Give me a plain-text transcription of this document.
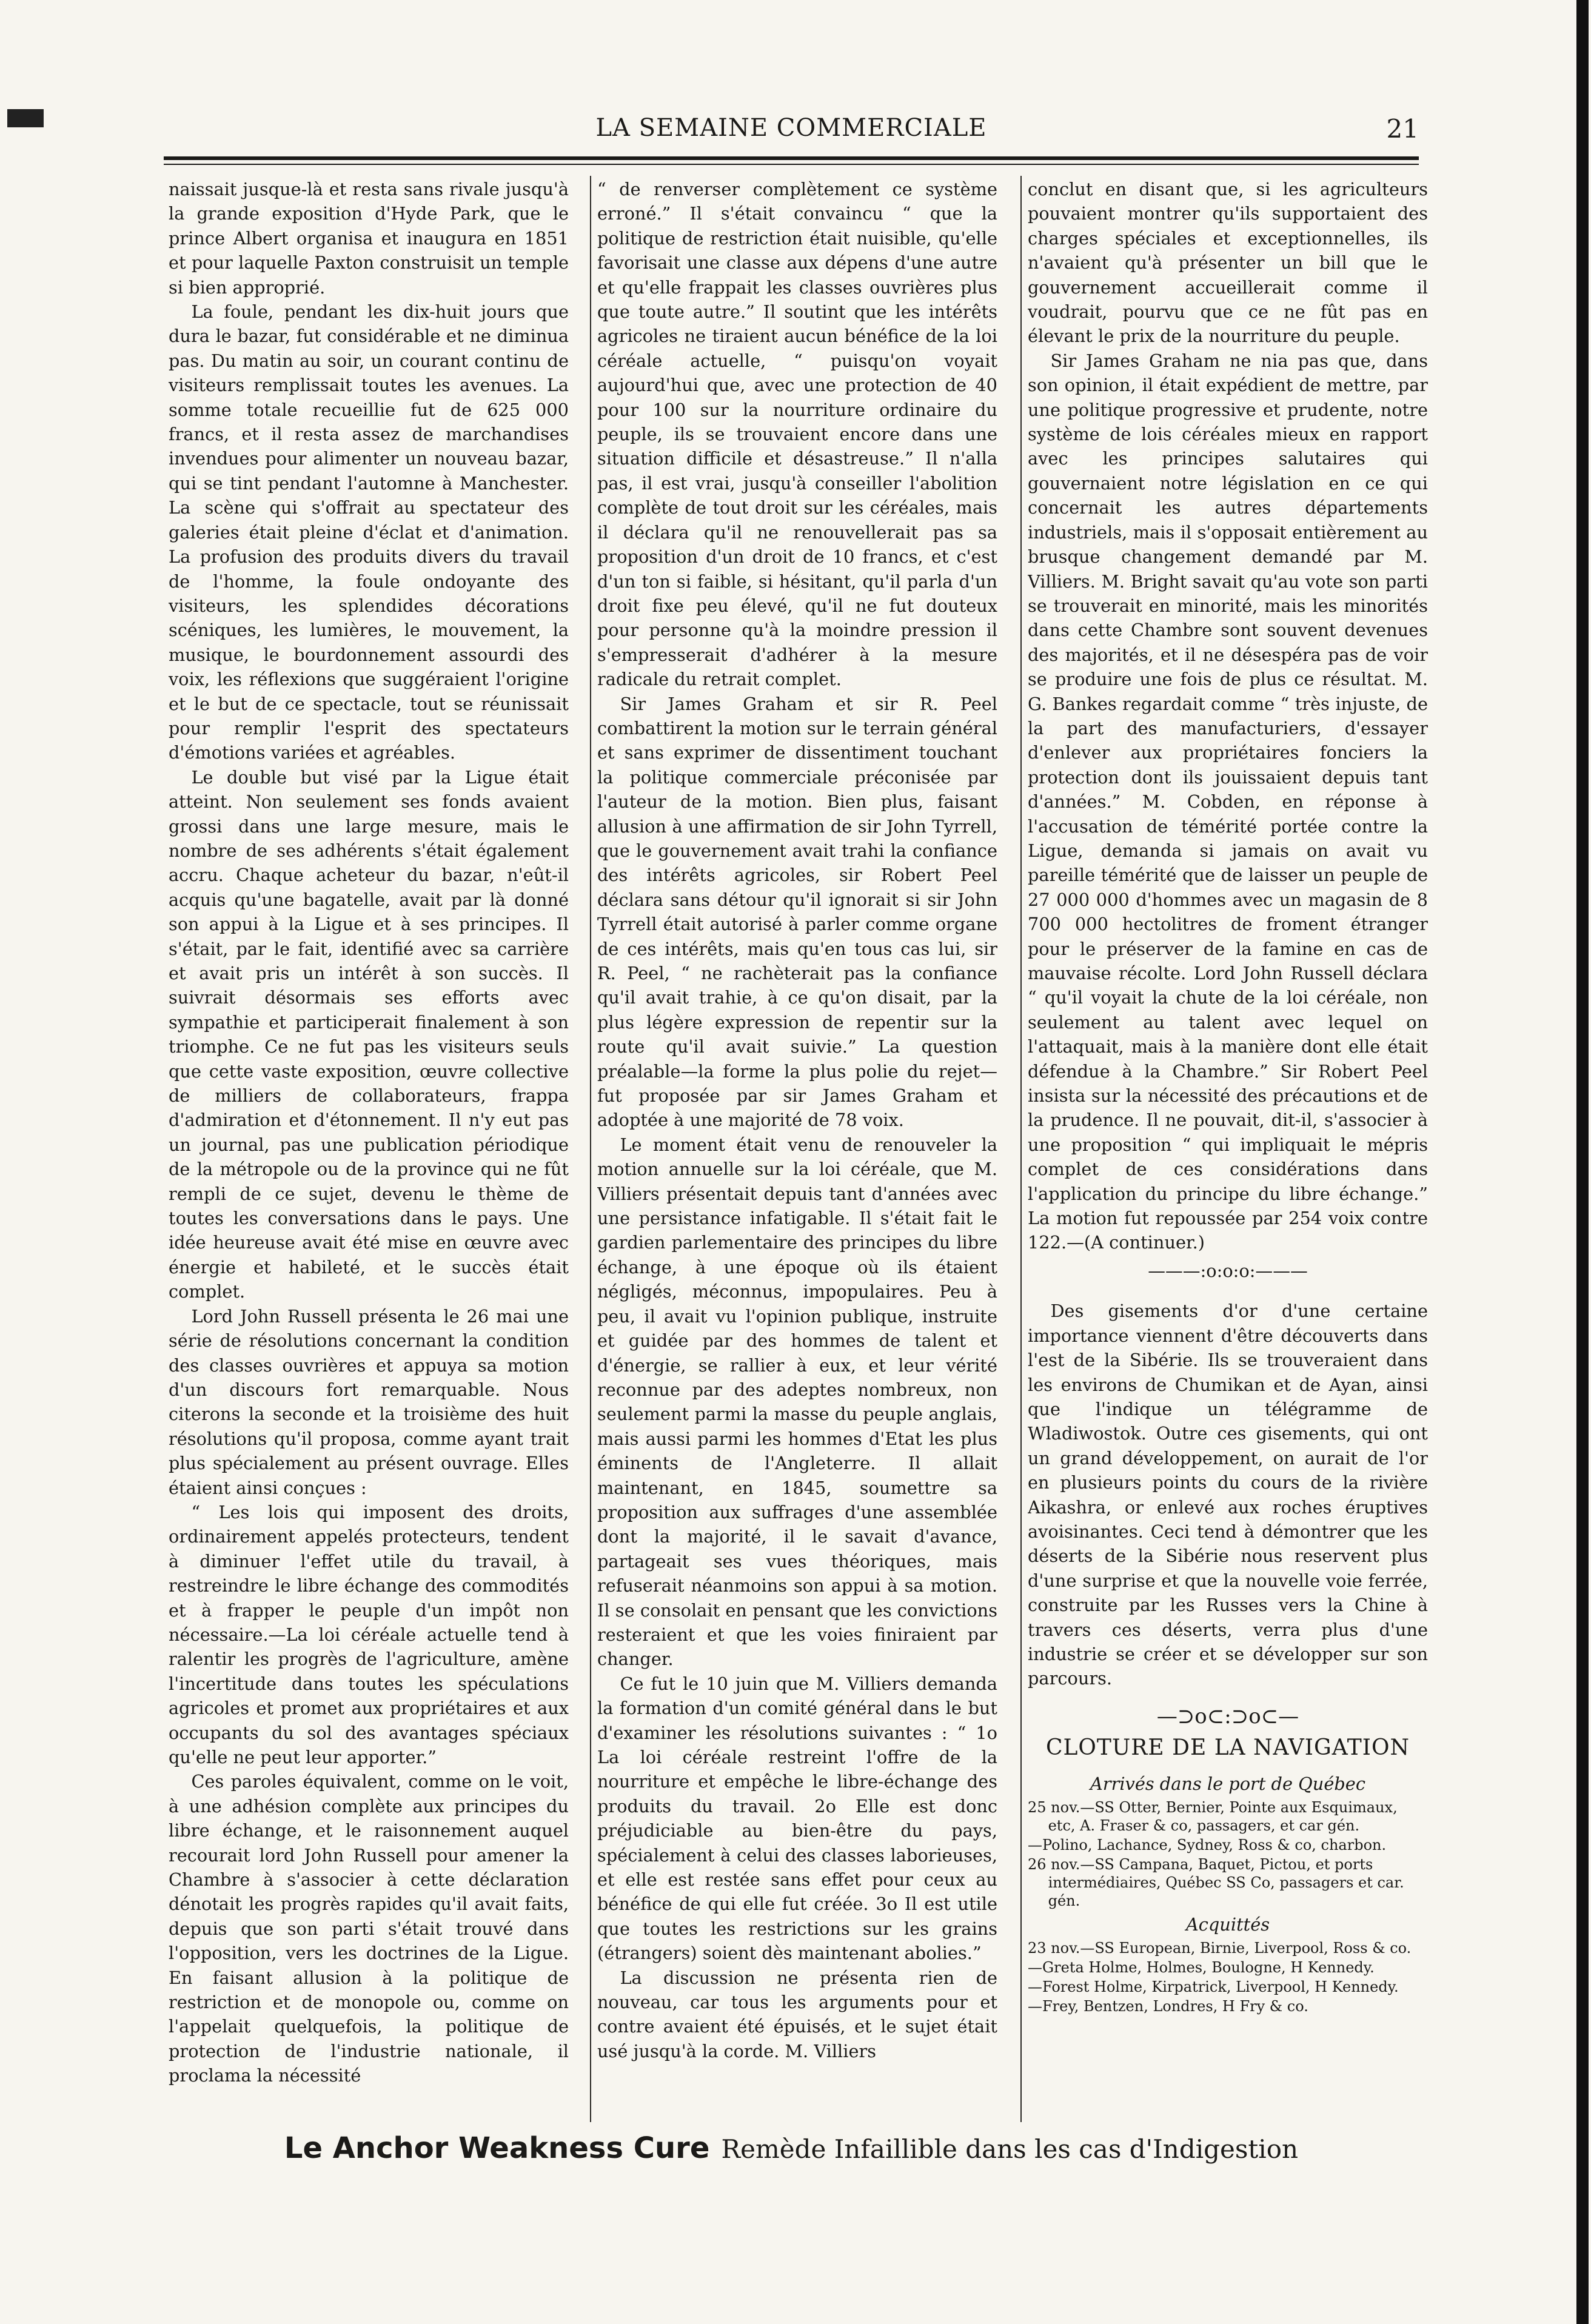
LA SEMAINE COMMERCIALE	21

naissait jusque-là et resta sans rivale jusqu'à la grande exposition d'Hyde Park, que le prince Albert organisa et inaugura en 1851 et pour laquelle Paxton construisit un temple si bien approprié.

La foule, pendant les dix-huit jours que dura le bazar, fut considérable et ne diminua pas. Du matin au soir, un courant continu de visiteurs remplissait toutes les avenues. La somme totale recueillie fut de 625 000 francs, et il resta assez de marchandises invendues pour alimenter un nouveau bazar, qui se tint pendant l'automne à Manchester. La scène qui s'offrait au spectateur des galeries était pleine d'éclat et d'animation. La profusion des produits divers du travail de l'homme, la foule ondoyante des visiteurs, les splendides décorations scéniques, les lumières, le mouvement, la musique, le bourdonnement assourdi des voix, les réflexions que suggéraient l'origine et le but de ce spectacle, tout se réunissait pour remplir l'esprit des spectateurs d'émotions variées et agréables.

Le double but visé par la Ligue était atteint. Non seulement ses fonds avaient grossi dans une large mesure, mais le nombre de ses adhérents s'était également accru. Chaque acheteur du bazar, n'eût-il acquis qu'une bagatelle, avait par là donné son appui à la Ligue et à ses principes. Il s'était, par le fait, identifié avec sa carrière et avait pris un intérêt à son succès. Il suivrait désormais ses efforts avec sympathie et participerait finalement à son triomphe. Ce ne fut pas les visiteurs seuls que cette vaste exposition, œuvre collective de milliers de collaborateurs, frappa d'admiration et d'étonnement. Il n'y eut pas un journal, pas une publication périodique de la métropole ou de la province qui ne fût rempli de ce sujet, devenu le thème de toutes les conversations dans le pays. Une idée heureuse avait été mise en œuvre avec énergie et habileté, et le succès était complet.

Lord John Russell présenta le 26 mai une série de résolutions concernant la condition des classes ouvrières et appuya sa motion d'un discours fort remarquable. Nous citerons la seconde et la troisième des huit résolutions qu'il proposa, comme ayant trait plus spécialement au présent ouvrage. Elles étaient ainsi conçues :

“ Les lois qui imposent des droits, ordinairement appelés protecteurs, tendent à diminuer l'effet utile du travail, à restreindre le libre échange des commodités et à frapper le peuple d'un impôt non nécessaire.—La loi céréale actuelle tend à ralentir les progrès de l'agriculture, amène l'incertitude dans toutes les spéculations agricoles et promet aux propriétaires et aux occupants du sol des avantages spéciaux qu'elle ne peut leur apporter.”

Ces paroles équivalent, comme on le voit, à une adhésion complète aux principes du libre échange, et le raisonnement auquel recourait lord John Russell pour amener la Chambre à s'associer à cette déclaration dénotait les progrès rapides qu'il avait faits, depuis que son parti s'était trouvé dans l'opposition, vers les doctrines de la Ligue. En faisant allusion à la politique de restriction et de monopole ou, comme on l'appelait quelquefois, la politique de protection de l'industrie nationale, il proclama la nécessité

“ de renverser complètement ce système erroné.” Il s'était convaincu “ que la politique de restriction était nuisible, qu'elle favorisait une classe aux dépens d'une autre et qu'elle frappait les classes ouvrières plus que toute autre.” Il soutint que les intérêts agricoles ne tiraient aucun bénéfice de la loi céréale actuelle, “ puisqu'on voyait aujourd'hui que, avec une protection de 40 pour 100 sur la nourriture ordinaire du peuple, ils se trouvaient encore dans une situation difficile et désastreuse.” Il n'alla pas, il est vrai, jusqu'à conseiller l'abolition complète de tout droit sur les céréales, mais il déclara qu'il ne renouvellerait pas sa proposition d'un droit de 10 francs, et c'est d'un ton si faible, si hésitant, qu'il parla d'un droit fixe peu élevé, qu'il ne fut douteux pour personne qu'à la moindre pression il s'empresserait d'adhérer à la mesure radicale du retrait complet.

Sir James Graham et sir R. Peel combattirent la motion sur le terrain général et sans exprimer de dissentiment touchant la politique commerciale préconisée par l'auteur de la motion. Bien plus, faisant allusion à une affirmation de sir John Tyrrell, que le gouvernement avait trahi la confiance des intérêts agricoles, sir Robert Peel déclara sans détour qu'il ignorait si sir John Tyrrell était autorisé à parler comme organe de ces intérêts, mais qu'en tous cas lui, sir R. Peel, “ ne rachèterait pas la confiance qu'il avait trahie, à ce qu'on disait, par la plus légère expression de repentir sur la route qu'il avait suivie.” La question préalable—la forme la plus polie du rejet—fut proposée par sir James Graham et adoptée à une majorité de 78 voix.

Le moment était venu de renouveler la motion annuelle sur la loi céréale, que M. Villiers présentait depuis tant d'années avec une persistance infatigable. Il s'était fait le gardien parlementaire des principes du libre échange, à une époque où ils étaient négligés, méconnus, impopulaires. Peu à peu, il avait vu l'opinion publique, instruite et guidée par des hommes de talent et d'énergie, se rallier à eux, et leur vérité reconnue par des adeptes nombreux, non seulement parmi la masse du peuple anglais, mais aussi parmi les hommes d'Etat les plus éminents de l'Angleterre. Il allait maintenant, en 1845, soumettre sa proposition aux suffrages d'une assemblée dont la majorité, il le savait d'avance, partageait ses vues théoriques, mais refuserait néanmoins son appui à sa motion. Il se consolait en pensant que les convictions resteraient et que les voies finiraient par changer.

Ce fut le 10 juin que M. Villiers demanda la formation d'un comité général dans le but d'examiner les résolutions suivantes : “ 1o La loi céréale restreint l'offre de la nourriture et empêche le libre-échange des produits du travail. 2o Elle est donc préjudiciable au bien-être du pays, spécialement à celui des classes laborieuses, et elle est restée sans effet pour ceux au bénéfice de qui elle fut créée. 3o Il est utile que toutes les restrictions sur les grains (étrangers) soient dès maintenant abolies.”

La discussion ne présenta rien de nouveau, car tous les arguments pour et contre avaient été épuisés, et le sujet était usé jusqu'à la corde. M. Villiers

conclut en disant que, si les agriculteurs pouvaient montrer qu'ils supportaient des charges spéciales et exceptionnelles, ils n'avaient qu'à présenter un bill que le gouvernement accueillerait comme il voudrait, pourvu que ce ne fût pas en élevant le prix de la nourriture du peuple.

Sir James Graham ne nia pas que, dans son opinion, il était expédient de mettre, par une politique progressive et prudente, notre système de lois céréales mieux en rapport avec les principes salutaires qui gouvernaient notre législation en ce qui concernait les autres départements industriels, mais il s'opposait entièrement au brusque changement demandé par M. Villiers. M. Bright savait qu'au vote son parti se trouverait en minorité, mais les minorités dans cette Chambre sont souvent devenues des majorités, et il ne désespéra pas de voir se produire une fois de plus ce résultat. M. G. Bankes regardait comme “ très injuste, de la part des manufacturiers, d'essayer d'enlever aux propriétaires fonciers la protection dont ils jouissaient depuis tant d'années.” M. Cobden, en réponse à l'accusation de témérité portée contre la Ligue, demanda si jamais on avait vu pareille témérité que de laisser un peuple de 27 000 000 d'hommes avec un magasin de 8 700 000 hectolitres de froment étranger pour le préserver de la famine en cas de mauvaise récolte. Lord John Russell déclara “ qu'il voyait la chute de la loi céréale, non seulement au talent avec lequel on l'attaquait, mais à la manière dont elle était défendue à la Chambre.” Sir Robert Peel insista sur la nécessité des précautions et de la prudence. Il ne pouvait, dit-il, s'associer à une proposition “ qui impliquait le mépris complet de ces considérations dans l'application du principe du libre échange.” La motion fut repoussée par 254 voix contre 122.—(A continuer.)

———:o:o:o:———

Des gisements d'or d'une certaine importance viennent d'être découverts dans l'est de la Sibérie. Ils se trouveraient dans les environs de Chumikan et de Ayan, ainsi que l'indique un télégramme de Wladiwostok. Outre ces gisements, qui ont un grand développement, on aurait de l'or en plusieurs points du cours de la rivière Aikashra, or enlevé aux roches éruptives avoisinantes. Ceci tend à démontrer que les déserts de la Sibérie nous reservent plus d'une surprise et que la nouvelle voie ferrée, construite par les Russes vers la Chine à travers ces déserts, verra plus d'une industrie se créer et se développer sur son parcours.

—⊃o⊂:⊃o⊂—
CLOTURE DE LA NAVIGATION
Arrivés dans le port de Québec
25 nov.—SS Otter, Bernier, Pointe aux Esquimaux, etc, A. Fraser & co, passagers, et car gén.
—Polino, Lachance, Sydney, Ross & co, charbon.
26 nov.—SS Campana, Baquet, Pictou, et ports intermédiaires, Québec SS Co, passagers et car. gén.
Acquittés
23 nov.—SS European, Birnie, Liverpool, Ross & co.
—Greta Holme, Holmes, Boulogne, H Kennedy.
—Forest Holme, Kirpatrick, Liverpool, H Kennedy.
—Frey, Bentzen, Londres, H Fry & co.
Le Anchor Weakness Cure Remède Infaillible dans les cas d'Indigestion
